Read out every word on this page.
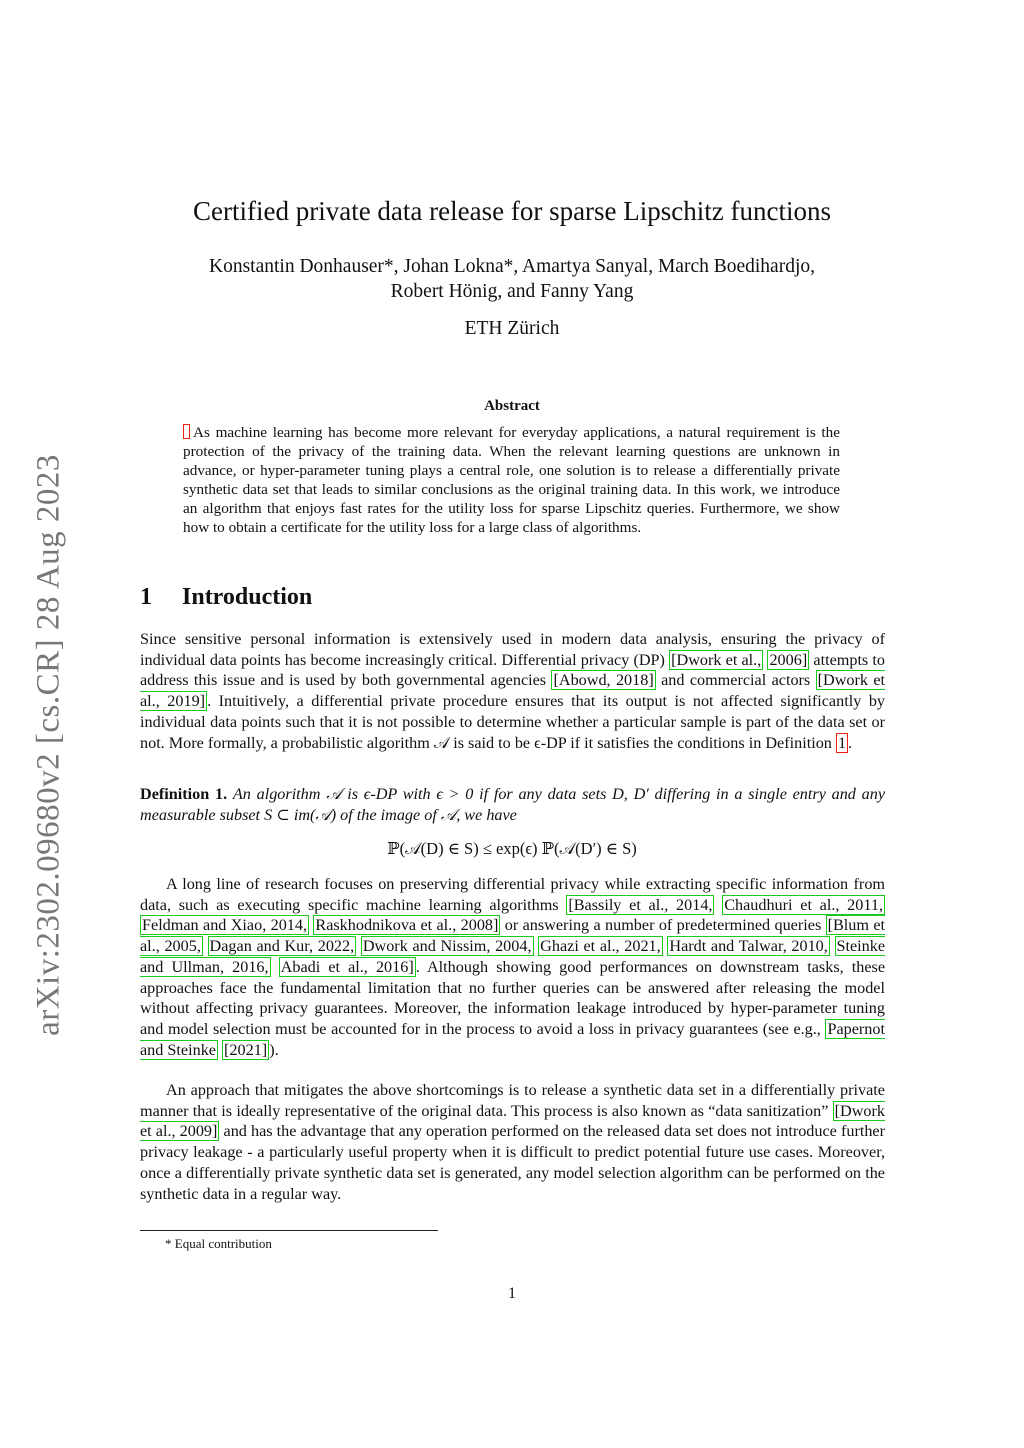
arXiv:2302.09680v2 [cs.CR] 28 Aug 2023
Certified private data release for sparse Lipschitz functions
Konstantin Donhauser*, Johan Lokna*, Amartya Sanyal, March Boedihardjo,
Robert Hönig, and Fanny Yang
ETH Zürich
Abstract
As machine learning has become more relevant for everyday applications, a natural requirement is the protection of the privacy of the training data. When the relevant learning questions are unknown in advance, or hyper-parameter tuning plays a central role, one solution is to release a differentially private synthetic data set that leads to similar conclusions as the original training data. In this work, we introduce an algorithm that enjoys fast rates for the utility loss for sparse Lipschitz queries. Furthermore, we show how to obtain a certificate for the utility loss for a large class of algorithms.
1 Introduction
Since sensitive personal information is extensively used in modern data analysis, ensuring the privacy of individual data points has become increasingly critical. Differential privacy (DP) [Dwork et al., 2006] attempts to address this issue and is used by both governmental agencies [Abowd, 2018] and commercial actors [Dwork et al., 2019] . Intuitively, a differential private procedure ensures that its output is not affected significantly by individual data points such that it is not possible to determine whether a particular sample is part of the data set or not. More formally, a probabilistic algorithm 𝒜 is said to be ϵ-DP if it satisfies the conditions in Definition 1 .
Definition 1. An algorithm 𝒜 is ϵ-DP with ϵ > 0 if for any data sets D, D′ differing in a single entry and any measurable subset S ⊂ im(𝒜) of the image of 𝒜, we have
ℙ(𝒜(D) ∈ S) ≤ exp(ϵ) ℙ(𝒜(D′) ∈ S)
A long line of research focuses on preserving differential privacy while extracting specific information from data, such as executing specific machine learning algorithms [Bassily et al., 2014, Chaudhuri et al., 2011, Feldman and Xiao, 2014, Raskhodnikova et al., 2008] or answering a number of predetermined queries [Blum et al., 2005, Dagan and Kur, 2022, Dwork and Nissim, 2004, Ghazi et al., 2021, Hardt and Talwar, 2010, Steinke and Ullman, 2016, Abadi et al., 2016] . Although showing good performances on downstream tasks, these approaches face the fundamental limitation that no further queries can be answered after releasing the model without affecting privacy guarantees. Moreover, the information leakage introduced by hyper-parameter tuning and model selection must be accounted for in the process to avoid a loss in privacy guarantees (see e.g., Papernot and Steinke [2021] ).
An approach that mitigates the above shortcomings is to release a synthetic data set in a differentially private manner that is ideally representative of the original data. This process is also known as “data sanitization” [Dwork et al., 2009] and has the advantage that any operation performed on the released data set does not introduce further privacy leakage - a particularly useful property when it is difficult to predict potential future use cases. Moreover, once a differentially private synthetic data set is generated, any model selection algorithm can be performed on the synthetic data in a regular way.
* Equal contribution
1
